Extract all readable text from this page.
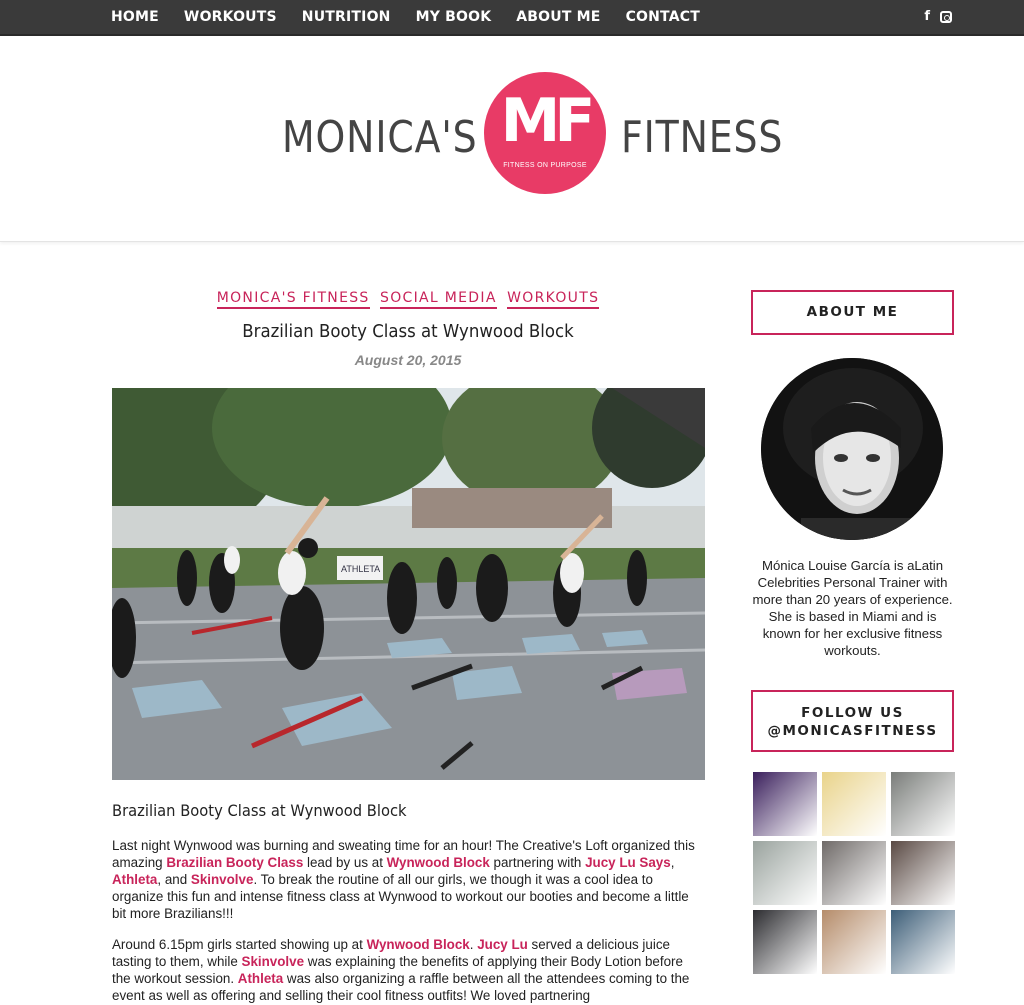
HOME WORKOUTS NUTRITION MY BOOK ABOUT ME CONTACT	f
MONICA'S MF
FITNESS ON PURPOSE
FITNESS
MONICA'S FITNESS SOCIAL MEDIA WORKOUTS
Brazilian Booty Class at Wynwood Block
August 20, 2015
ATHLETA
Brazilian Booty Class at Wynwood Block

Last night Wynwood was burning and sweating time for an hour! The Creative's Loft organized this amazing Brazilian Booty Class lead by us at Wynwood Block partnering with Jucy Lu Says, Athleta, and Skinvolve. To break the routine of all our girls, we though it was a cool idea to organize this fun and intense fitness class at Wynwood to workout our booties and become a little bit more Brazilians!!!

Around 6.15pm girls started showing up at Wynwood Block. Jucy Lu served a delicious juice tasting to them, while Skinvolve was explaining the benefits of applying their Body Lotion before the workout session. Athleta was also organizing a raffle between all the attendees coming to the event as well as offering and selling their cool fitness outfits! We loved partnering

ABOUT ME
Mónica Louise García is aLatin Celebrities Personal Trainer with more than 20 years of experience. She is based in Miami and is known for her exclusive fitness workouts.
FOLLOW US
@MONICASFITNESS
